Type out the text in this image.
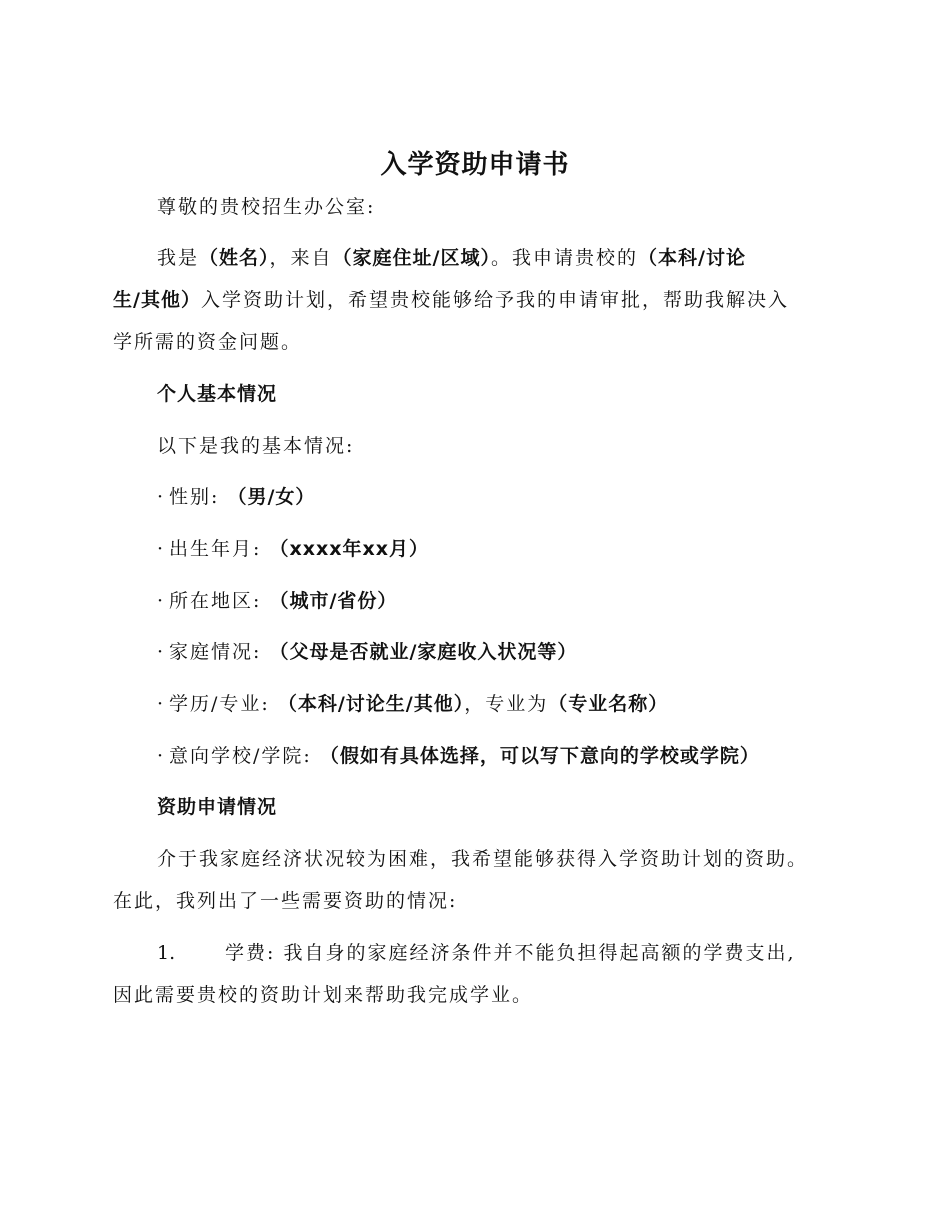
入学资助申请书
尊敬的贵校招生办公室:
我是（姓名），来自（家庭住址/区域）。我申请贵校的（本科/讨论
生/其他）入学资助计划，希望贵校能够给予我的申请审批，帮助我解决入
学所需的资金问题。
个人基本情况
以下是我的基本情况:
· 性别: （男/女）
· 出生年月: （xxxx年xx月）
· 所在地区: （城市/省份）
· 家庭情况: （父母是否就业/家庭收入状况等）
· 学历/专业: （本科/讨论生/其他），专业为（专业名称）
· 意向学校/学院: （假如有具体选择，可以写下意向的学校或学院）
资助申请情况
介于我家庭经济状况较为困难，我希望能够获得入学资助计划的资助。
在此，我列出了一些需要资助的情况:
1.	学费: 我自身的家庭经济条件并不能负担得起高额的学费支出,
因此需要贵校的资助计划来帮助我完成学业。
